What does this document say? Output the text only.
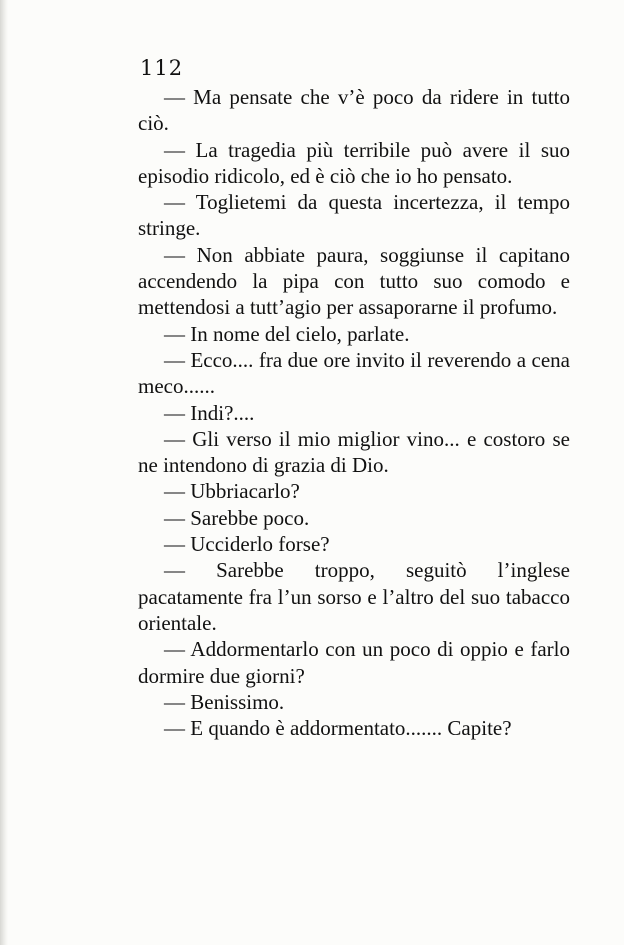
112

— Ma pensate che v’è poco da ridere in tutto ciò.

— La tragedia più terribile può avere il suo episodio ridicolo, ed è ciò che io ho pensato.

— Toglietemi da questa incertezza, il tempo stringe.

— Non abbiate paura, soggiunse il capitano accendendo la pipa con tutto suo comodo e mettendosi a tutt’agio per assaporarne il profumo.

— In nome del cielo, parlate.

— Ecco.... fra due ore invito il reverendo a cena meco......

— Indi?....

— Gli verso il mio miglior vino... e costoro se ne intendono di grazia di Dio.

— Ubbriacarlo?

— Sarebbe poco.

— Ucciderlo forse?

— Sarebbe troppo, seguitò l’inglese pacatamente fra l’un sorso e l’altro del suo tabacco orientale.

— Addormentarlo con un poco di oppio e farlo dormire due giorni?

— Benissimo.

— E quando è addormentato....... Capite?
